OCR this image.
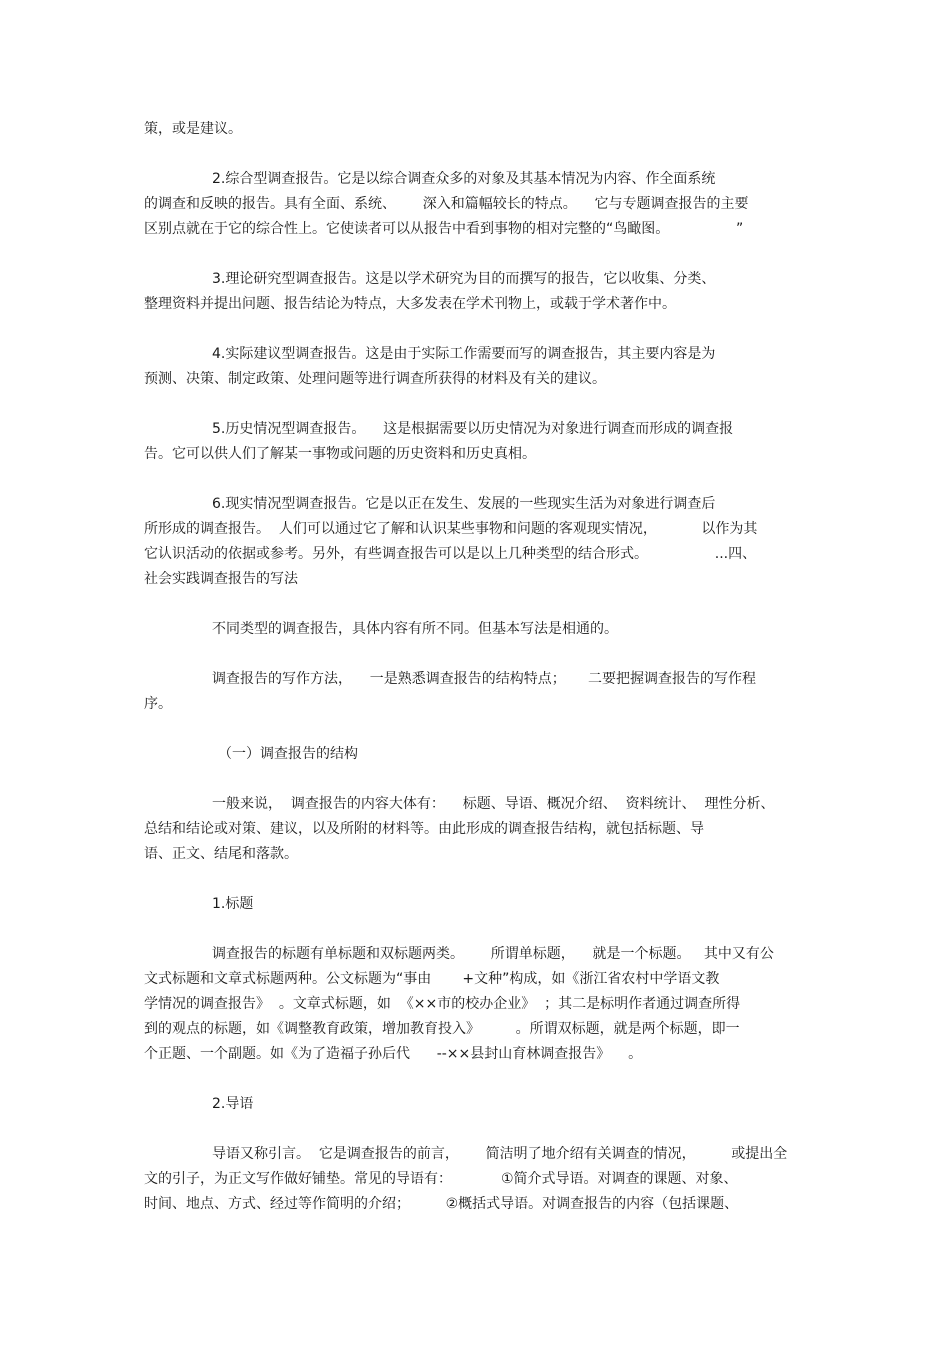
策，或是建议。
2.综合型调查报告。它是以综合调查众多的对象及其基本情况为内容、作全面系统
的调查和反映的报告。具有全面、系统、      深入和篇幅较长的特点。    它与专题调查报告的主要
区别点就在于它的综合性上。它使读者可以从报告中看到事物的相对完整的“鸟瞰图。               ”
3.理论研究型调查报告。这是以学术研究为目的而撰写的报告，它以收集、分类、
整理资料并提出问题、报告结论为特点，大多发表在学术刊物上，或载于学术著作中。
4.实际建议型调查报告。这是由于实际工作需要而写的调查报告，其主要内容是为
预测、决策、制定政策、处理问题等进行调查所获得的材料及有关的建议。
5.历史情况型调查报告。    这是根据需要以历史情况为对象进行调查而形成的调查报
告。它可以供人们了解某一事物或问题的历史资料和历史真相。
6.现实情况型调查报告。它是以正在发生、发展的一些现实生活为对象进行调查后
所形成的调查报告。  人们可以通过它了解和认识某些事物和问题的客观现实情况，          以作为其
它认识活动的依据或参考。另外，有些调查报告可以是以上几种类型的结合形式。               ...四、
社会实践调查报告的写法
不同类型的调查报告，具体内容有所不同。但基本写法是相通的。
调查报告的写作方法，    一是熟悉调查报告的结构特点；     二要把握调查报告的写作程
序。
（一）调查报告的结构
一般来说，  调查报告的内容大体有：    标题、导语、概况介绍、  资料统计、  理性分析、
总结和结论或对策、建议，以及所附的材料等。由此形成的调查报告结构，就包括标题、导
语、正文、结尾和落款。
1.标题
调查报告的标题有单标题和双标题两类。      所谓单标题，    就是一个标题。   其中又有公
文式标题和文章式标题两种。公文标题为“事由       +文种”构成，如《浙江省农村中学语文教
学情况的调查报告》  。文章式标题，如  《××市的校办企业》  ；其二是标明作者通过调查所得
到的观点的标题，如《调整教育政策，增加教育投入》        。所谓双标题，就是两个标题，即一
个正题、一个副题。如《为了造福子孙后代      --××县封山育林调查报告》    。
2.导语
导语又称引言。  它是调查报告的前言，      简洁明了地介绍有关调查的情况，        或提出全
文的引子，为正文写作做好铺垫。常见的导语有：           ①简介式导语。对调查的课题、对象、
时间、地点、方式、经过等作简明的介绍；        ②概括式导语。对调查报告的内容（包括课题、
